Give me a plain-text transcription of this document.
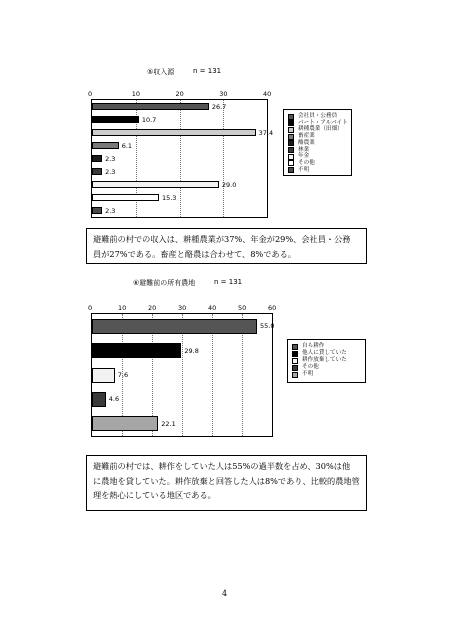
⑤収入源	n = 131
0	10	20	30	40
26.7
10.7
37.4
6.1
2.3
2.3
29.0
15.3
2.3
会社員・公務員
パート・アルバイト
耕種農業（田畑）
畜産業
酪農業
林業
年金
その他
不明
避難前の村での収入は、耕種農業が37%、年金が29%、会社員・公務
員が27%である。畜産と酪農は合わせて、8%である。
⑥避難前の所有農地	n = 131
0	10	20	30	40	50	60
55.0
29.8
7.6
4.6
22.1
自ら耕作
他人に貸していた
耕作放棄していた
その他
不明
避難前の村では、耕作をしていた人は55%の過半数を占め、30%は他
に農地を貸していた。耕作放棄と回答した人は8%であり、比較的農地管
理を熱心にしている地区である。
4
